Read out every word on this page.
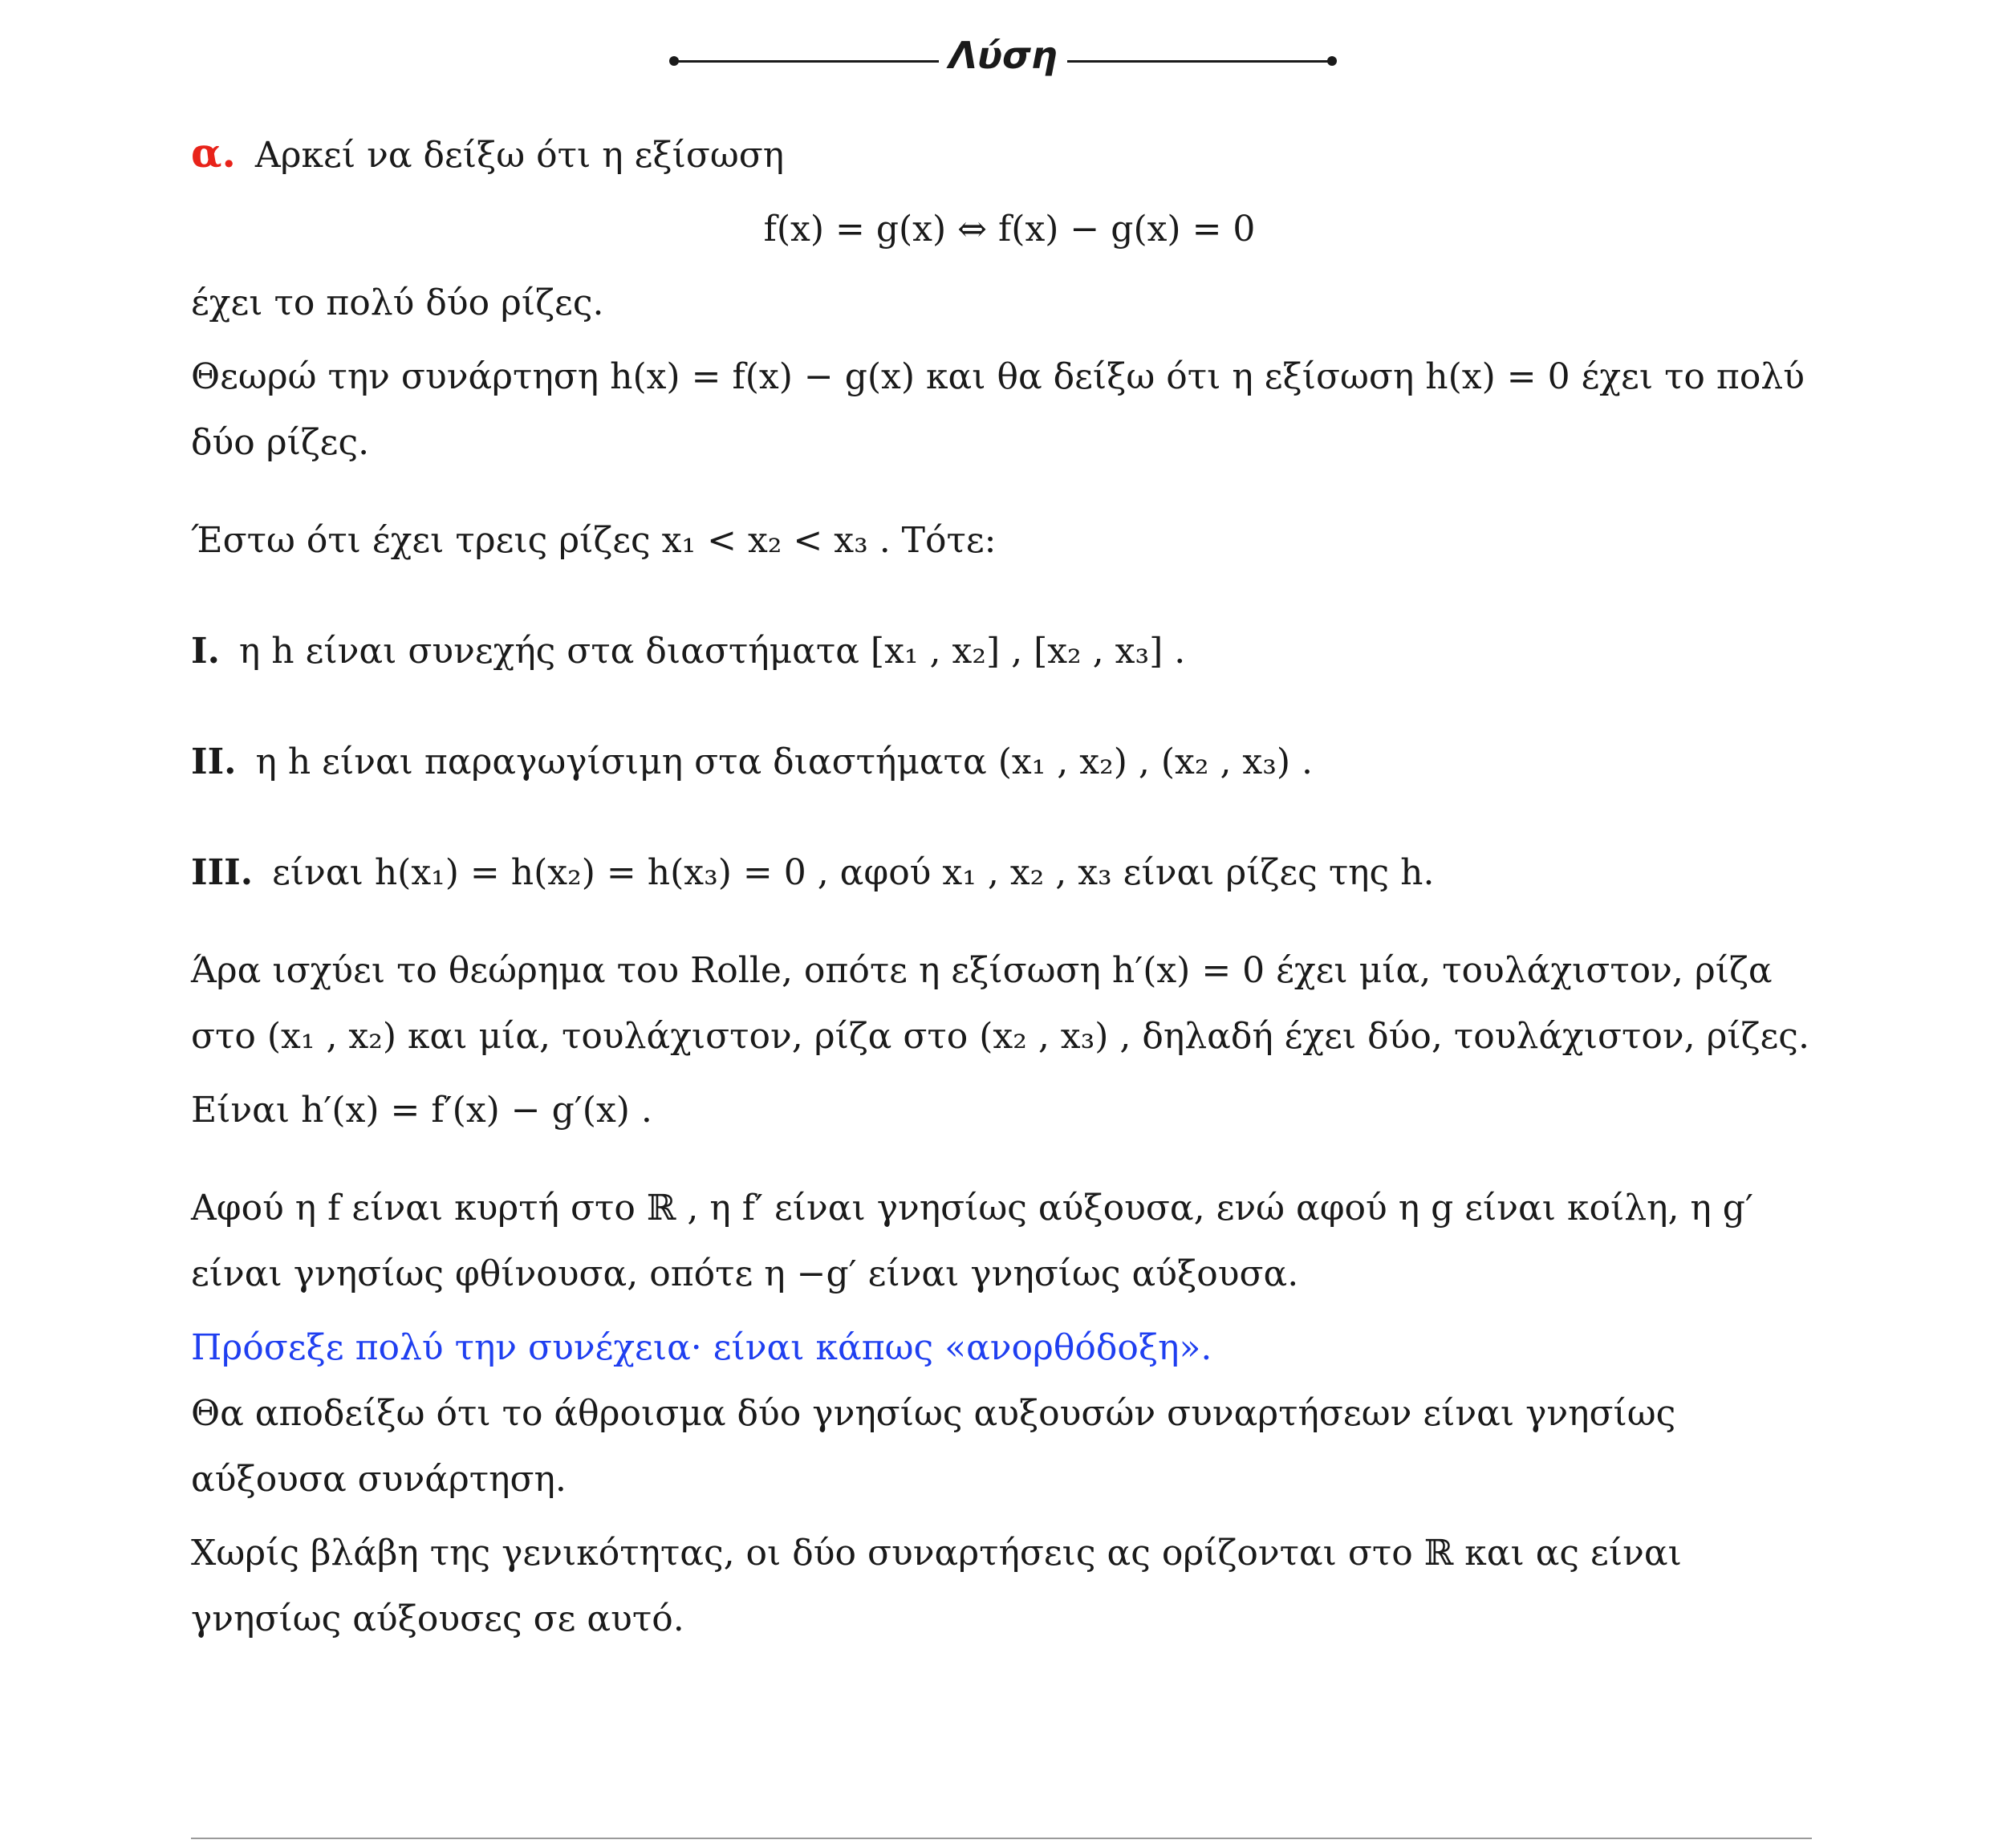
Λύση

α. Αρκεί να δείξω ότι η εξίσωση

f(x) = g(x) ⇔ f(x) − g(x) = 0

έχει το πολύ δύο ρίζες.

Θεωρώ την συνάρτηση h(x) = f(x) − g(x) και θα δείξω ότι η εξίσωση h(x) = 0 έχει το πολύ δύο ρίζες.

Έστω ότι έχει τρεις ρίζες x₁ < x₂ < x₃ . Τότε:

I. η h είναι συνεχής στα διαστήματα [x₁ , x₂] , [x₂ , x₃] .

II. η h είναι παραγωγίσιμη στα διαστήματα (x₁ , x₂) , (x₂ , x₃) .

III. είναι h(x₁) = h(x₂) = h(x₃) = 0 , αφού x₁ , x₂ , x₃ είναι ρίζες της h.

Άρα ισχύει το θεώρημα του Rolle, οπότε η εξίσωση h′(x) = 0 έχει μία, τουλάχιστον, ρίζα στο (x₁ , x₂) και μία, τουλάχιστον, ρίζα στο (x₂ , x₃) , δηλαδή έχει δύο, τουλάχιστον, ρίζες.

Είναι h′(x) = f′(x) − g′(x) .

Αφού η f είναι κυρτή στο ℝ , η f′ είναι γνησίως αύξουσα, ενώ αφού η g είναι κοίλη, η g′ είναι γνησίως φθίνουσα, οπότε η −g′ είναι γνησίως αύξουσα.

Πρόσεξε πολύ την συνέχεια· είναι κάπως «ανορθόδοξη».

Θα αποδείξω ότι το άθροισμα δύο γνησίως αυξουσών συναρτήσεων είναι γνησίως αύξουσα συνάρτηση.

Χωρίς βλάβη της γενικότητας, οι δύο συναρτήσεις ας ορίζονται στο ℝ και ας είναι γνησίως αύξουσες σε αυτό.
